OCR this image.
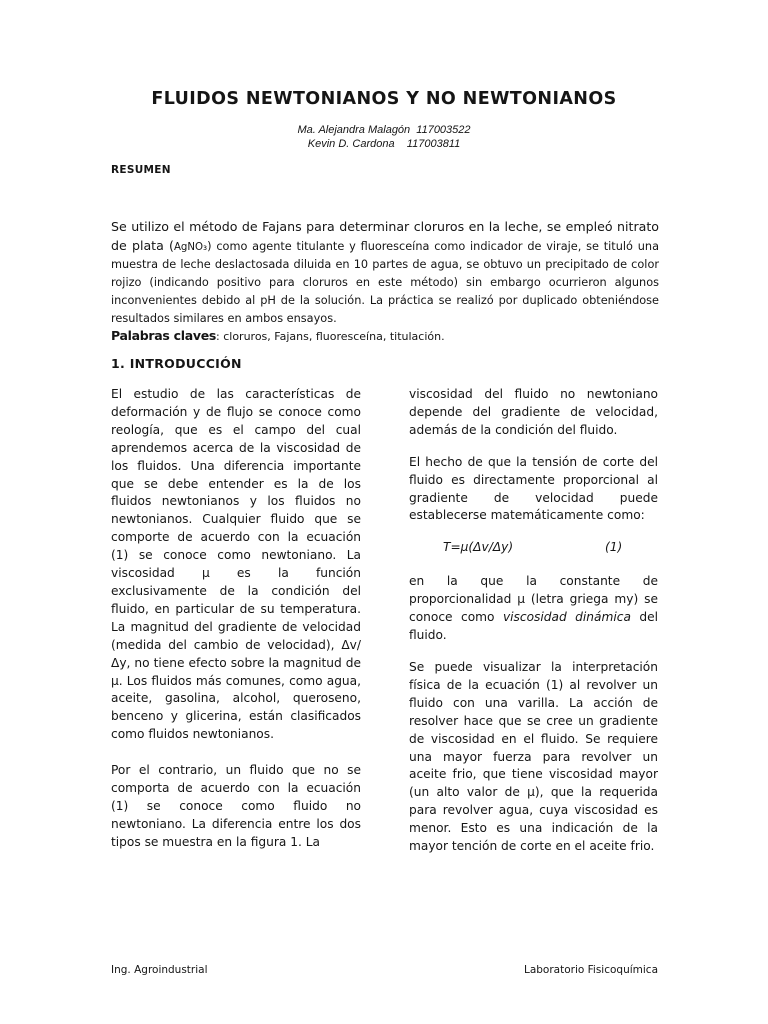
FLUIDOS NEWTONIANOS Y NO NEWTONIANOS
Ma. Alejandra Malagón  117003522
Kevin D. Cardona    117003811
RESUMEN

Se utilizo el método de Fajans para determinar cloruros en la leche, se empleó nitrato de plata (AgNO₃) como agente titulante y fluoresceína como indicador de viraje, se tituló una muestra de leche deslactosada diluida en 10 partes de agua, se obtuvo un precipitado de color rojizo (indicando positivo para cloruros en este método) sin embargo ocurrieron algunos inconvenientes debido al pH de la solución. La práctica se realizó por duplicado obteniéndose resultados similares en ambos ensayos.

Palabras claves: cloruros, Fajans, fluoresceína, titulación.

1. INTRODUCCIÓN

El estudio de las características de deformación y de flujo se conoce como reología, que es el campo del cual aprendemos acerca de la viscosidad de los fluidos. Una diferencia importante que se debe entender es la de los fluidos newtonianos y los fluidos no newtonianos. Cualquier fluido que se comporte de acuerdo con la ecuación (1) se conoce como newtoniano. La viscosidad μ es la función exclusivamente de la condición del fluido, en particular de su temperatura. La magnitud del gradiente de velocidad (medida del cambio de velocidad), Δv/Δy, no tiene efecto sobre la magnitud de μ. Los fluidos más comunes, como agua, aceite, gasolina, alcohol, queroseno, benceno y glicerina, están clasificados como fluidos newtonianos.

Por el contrario, un fluido que no se comporta de acuerdo con la ecuación (1) se conoce como fluido no newtoniano. La diferencia entre los dos tipos se muestra en la figura 1. La

viscosidad del fluido no newtoniano depende del gradiente de velocidad, además de la condición del fluido.

El hecho de que la tensión de corte del fluido es directamente proporcional al gradiente de velocidad puede establecerse matemáticamente como:

T=μ(Δv/Δy)	(1)

en la que la constante de proporcionalidad μ (letra griega my) se conoce como viscosidad dinámica del fluido.

Se puede visualizar la interpretación física de la ecuación (1) al revolver un fluido con una varilla. La acción de resolver hace que se cree un gradiente de viscosidad en el fluido. Se requiere una mayor fuerza para revolver un aceite frio, que tiene viscosidad mayor (un alto valor de μ), que la requerida para revolver agua, cuya viscosidad es menor. Esto es una indicación de la mayor tención de corte en el aceite frio.

Ing. Agroindustrial	Laboratorio Fisicoquímica
